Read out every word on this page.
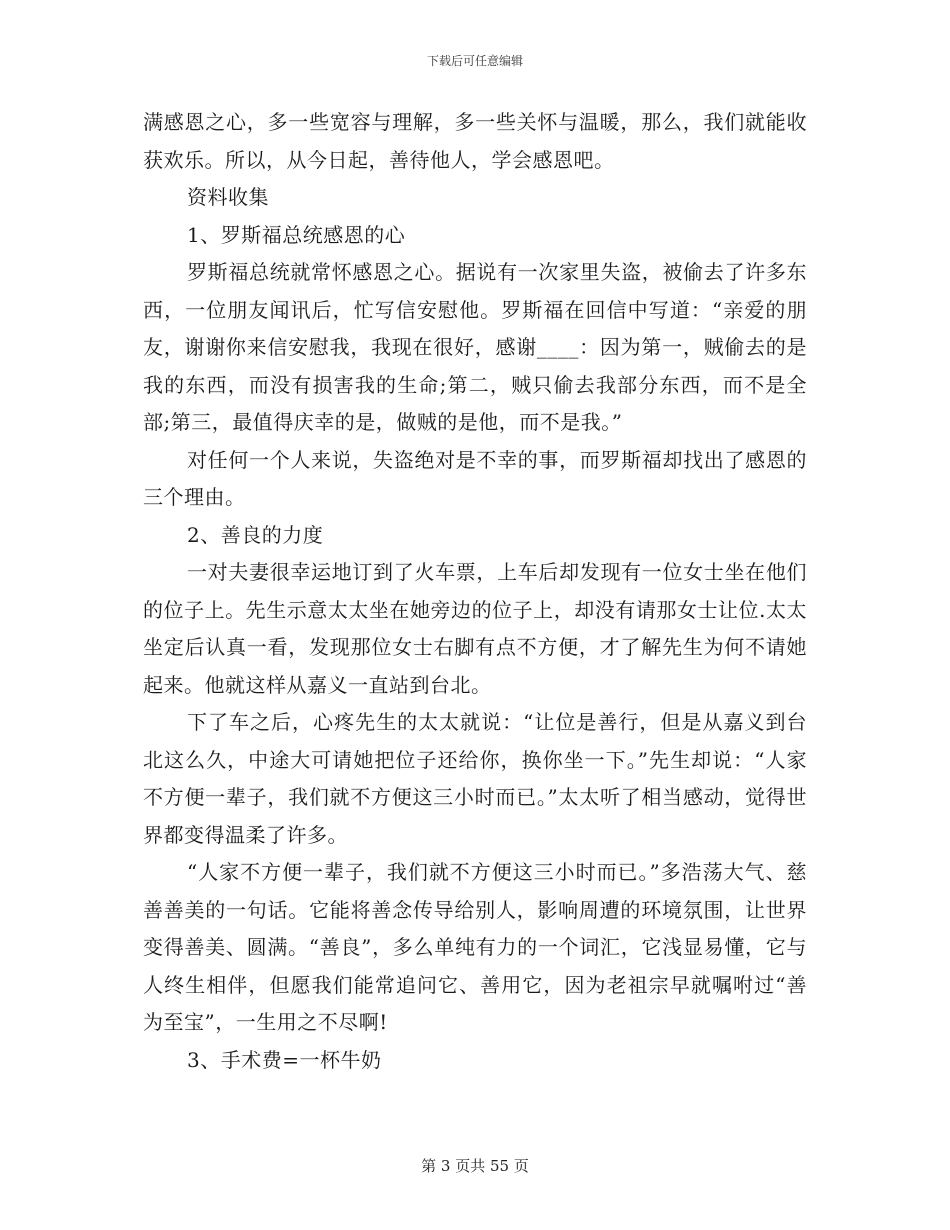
下载后可任意编辑

满感恩之心，多一些宽容与理解，多一些关怀与温暖，那么，我们就能收获欢乐。所以，从今日起，善待他人，学会感恩吧。

资料收集

1、罗斯福总统感恩的心

罗斯福总统就常怀感恩之心。据说有一次家里失盗，被偷去了许多东西，一位朋友闻讯后，忙写信安慰他。罗斯福在回信中写道：“亲爱的朋友，谢谢你来信安慰我，我现在很好，感谢____：因为第一，贼偷去的是我的东西，而没有损害我的生命;第二，贼只偷去我部分东西，而不是全部;第三，最值得庆幸的是，做贼的是他，而不是我。”

对任何一个人来说，失盗绝对是不幸的事，而罗斯福却找出了感恩的三个理由。

2、善良的力度

一对夫妻很幸运地订到了火车票，上车后却发现有一位女士坐在他们的位子上。先生示意太太坐在她旁边的位子上，却没有请那女士让位.太太坐定后认真一看，发现那位女士右脚有点不方便，才了解先生为何不请她起来。他就这样从嘉义一直站到台北。

下了车之后，心疼先生的太太就说：“让位是善行，但是从嘉义到台北这么久，中途大可请她把位子还给你，换你坐一下。”先生却说：“人家不方便一辈子，我们就不方便这三小时而已。”太太听了相当感动，觉得世界都变得温柔了许多。

“人家不方便一辈子，我们就不方便这三小时而已。”多浩荡大气、慈善善美的一句话。它能将善念传导给别人，影响周遭的环境氛围，让世界变得善美、圆满。“善良”，多么单纯有力的一个词汇，它浅显易懂，它与人终生相伴，但愿我们能常追问它、善用它，因为老祖宗早就嘱咐过“善为至宝”，一生用之不尽啊!

3、手术费=一杯牛奶

第 3 页共 55 页
